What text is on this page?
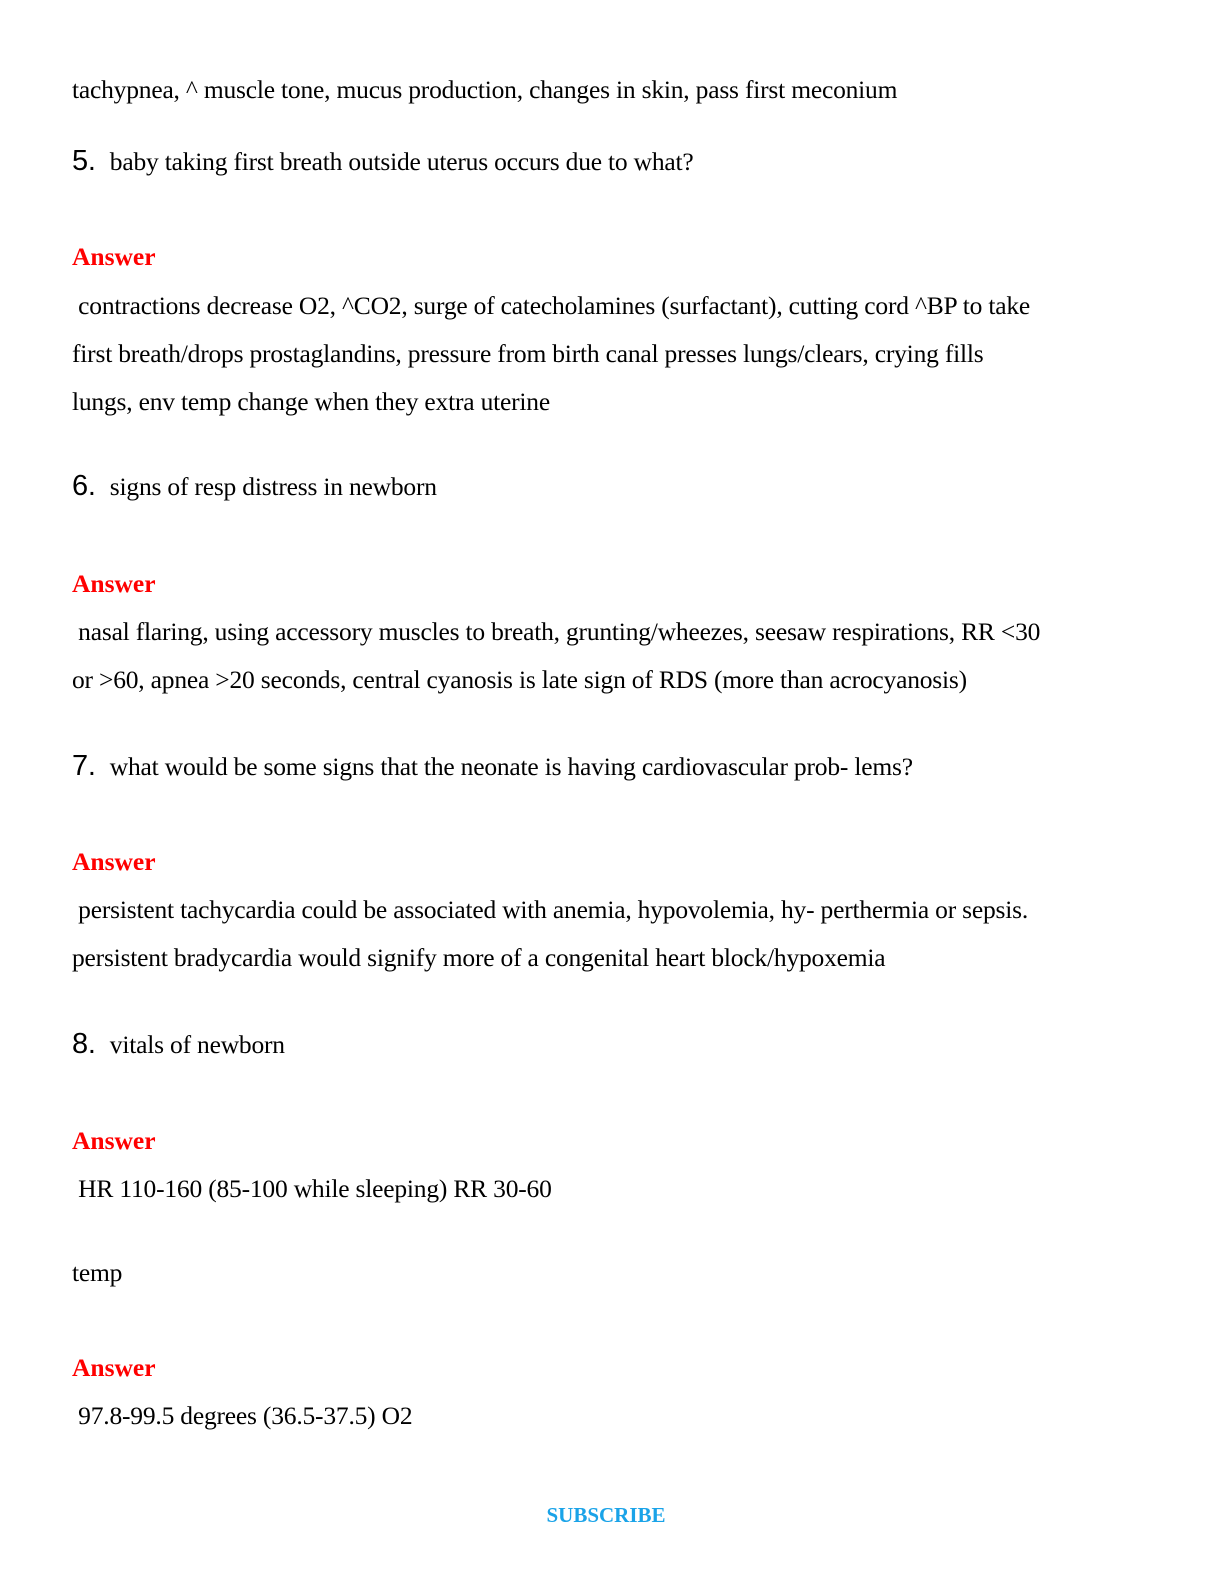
tachypnea, ^ muscle tone, mucus production, changes in skin, pass first meconium
5. baby taking first breath outside uterus occurs due to what?
Answer
contractions decrease O2, ^CO2, surge of catecholamines (surfactant), cutting cord ^BP to take
first breath/drops prostaglandins, pressure from birth canal presses lungs/clears, crying fills
lungs, env temp change when they extra uterine
6. signs of resp distress in newborn
Answer
nasal flaring, using accessory muscles to breath, grunting/wheezes, seesaw respirations, RR <30
or >60, apnea >20 seconds, central cyanosis is late sign of RDS (more than acrocyanosis)
7. what would be some signs that the neonate is having cardiovascular prob- lems?
Answer
persistent tachycardia could be associated with anemia, hypovolemia, hy- perthermia or sepsis.
persistent bradycardia would signify more of a congenital heart block/hypoxemia
8. vitals of newborn
Answer
HR 110-160 (85-100 while sleeping) RR 30-60
temp
Answer
97.8-99.5 degrees (36.5-37.5) O2
SUBSCRIBE
